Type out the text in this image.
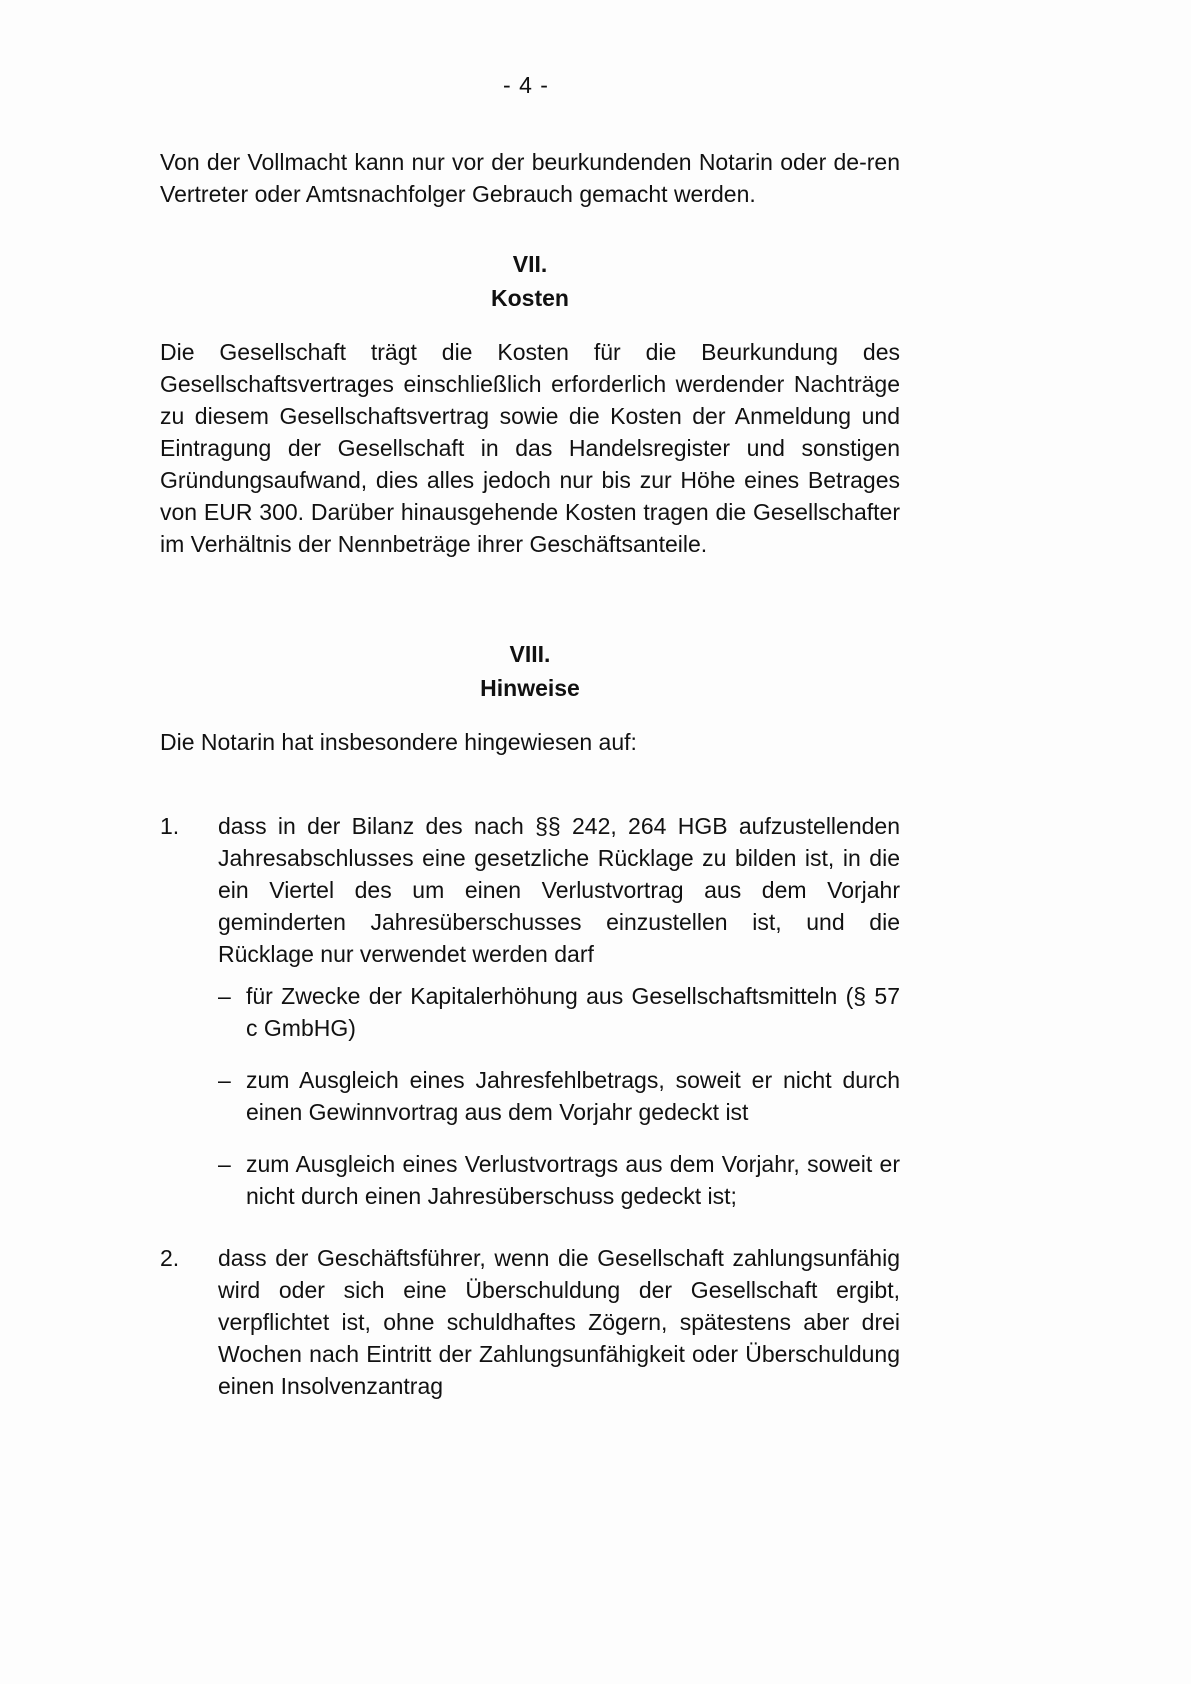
- 4 -

Von der Vollmacht kann nur vor der beurkundenden Notarin oder de-ren Vertreter oder Amtsnachfolger Gebrauch gemacht werden.

VII.
Kosten

Die Gesellschaft trägt die Kosten für die Beurkundung des Gesellschaftsvertrages einschließlich erforderlich werdender Nachträge zu diesem Gesellschaftsvertrag sowie die Kosten der Anmeldung und Eintragung der Gesellschaft in das Handelsregister und sonstigen Gründungsaufwand, dies alles jedoch nur bis zur Höhe eines Betrages von EUR 300. Darüber hinausgehende Kosten tragen die Gesellschafter im Verhältnis der Nennbeträge ihrer Geschäftsanteile.

VIII.
Hinweise

Die Notarin hat insbesondere hingewiesen auf:

1.	dass in der Bilanz des nach §§ 242, 264 HGB aufzustellenden Jahresabschlusses eine gesetzliche Rücklage zu bilden ist, in die ein Viertel des um einen Verlustvortrag aus dem Vorjahr geminderten Jahresüberschusses einzustellen ist, und die Rücklage nur verwendet werden darf

– für Zwecke der Kapitalerhöhung aus Gesellschaftsmitteln (§ 57 c GmbHG)
– zum Ausgleich eines Jahresfehlbetrags, soweit er nicht durch einen Gewinnvortrag aus dem Vorjahr gedeckt ist
– zum Ausgleich eines Verlustvortrags aus dem Vorjahr, soweit er nicht durch einen Jahresüberschuss gedeckt ist;
2.	dass der Geschäftsführer, wenn die Gesellschaft zahlungsunfähig wird oder sich eine Überschuldung der Gesellschaft ergibt, verpflichtet ist, ohne schuldhaftes Zögern, spätestens aber drei Wochen nach Eintritt der Zahlungsunfähigkeit oder Überschuldung einen Insolvenzantrag
